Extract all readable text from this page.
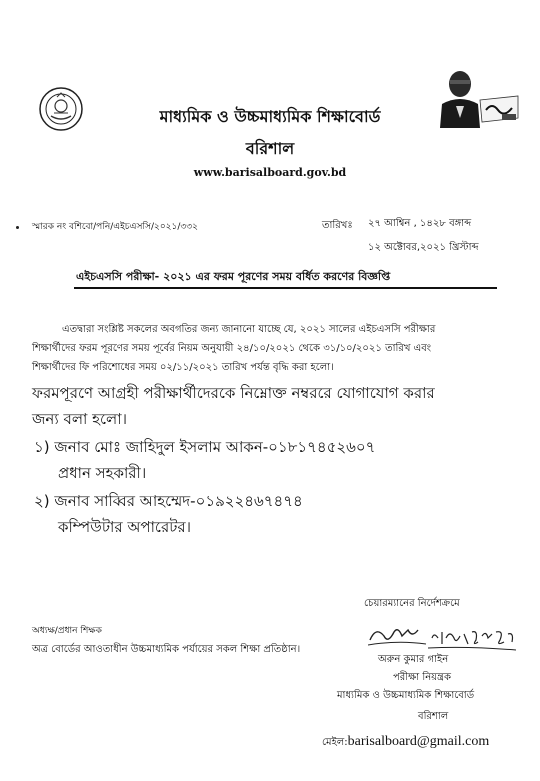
মাধ্যমিক ও উচ্চমাধ্যমিক শিক্ষাবোর্ড
বরিশাল
www.barisalboard.gov.bd
স্মারক নং বশিবো/পনি/এইচএসসি/২০২১/৩৩২	তারিখঃ ২৭ আশ্বিন , ১৪২৮ বঙ্গাব্দ
১২ অক্টোবর,২০২১ খ্রিস্টাব্দ
এইচএসসি পরীক্ষা- ২০২১ এর ফরম পূরণের সময় বর্ধিত করণের বিজ্ঞপ্তি
এতদ্বারা সংশ্লিষ্ট সকলের অবগতির জন্য জানানো যাচ্ছে যে, ২০২১ সালের এইচএসসি পরীক্ষার
শিক্ষার্থীদের ফরম পূরণের সময় পূর্বের নিয়ম অনুযায়ী ২৪/১০/২০২১ থেকে ৩১/১০/২০২১ তারিখ এবং
শিক্ষার্থীদের ফি পরিশোধের সময় ০২/১১/২০২১ তারিখ পর্যন্ত বৃদ্ধি করা হলো।
ফরমপূরণে আগ্রহী পরীক্ষার্থীদেরকে নিম্নোক্ত নম্বররে যোগাযোগ করার
জন্য বলা হলো।
১) জনাব মোঃ জাহিদুল ইসলাম আকন-০১৮১৭৪৫২৬০৭
প্রধান সহকারী।
২) জনাব সাব্বির আহম্মেদ-০১৯২২৪৬৭৪৭৪
কম্পিউটার অপারেটর।
চেয়ারম্যানের নির্দেশক্রমে
অধ্যক্ষ/প্রধান শিক্ষক
অত্র বোর্ডের আওতাধীন উচ্চমাধ্যমিক পর্যায়ের সকল শিক্ষা প্রতিষ্ঠান।
অরুন কুমার গাইন
পরীক্ষা নিয়ন্ত্রক
মাধ্যমিক ও উচ্চমাধ্যমিক শিক্ষাবোর্ড
বরিশাল
মেইল:barisalboard@gmail.com
